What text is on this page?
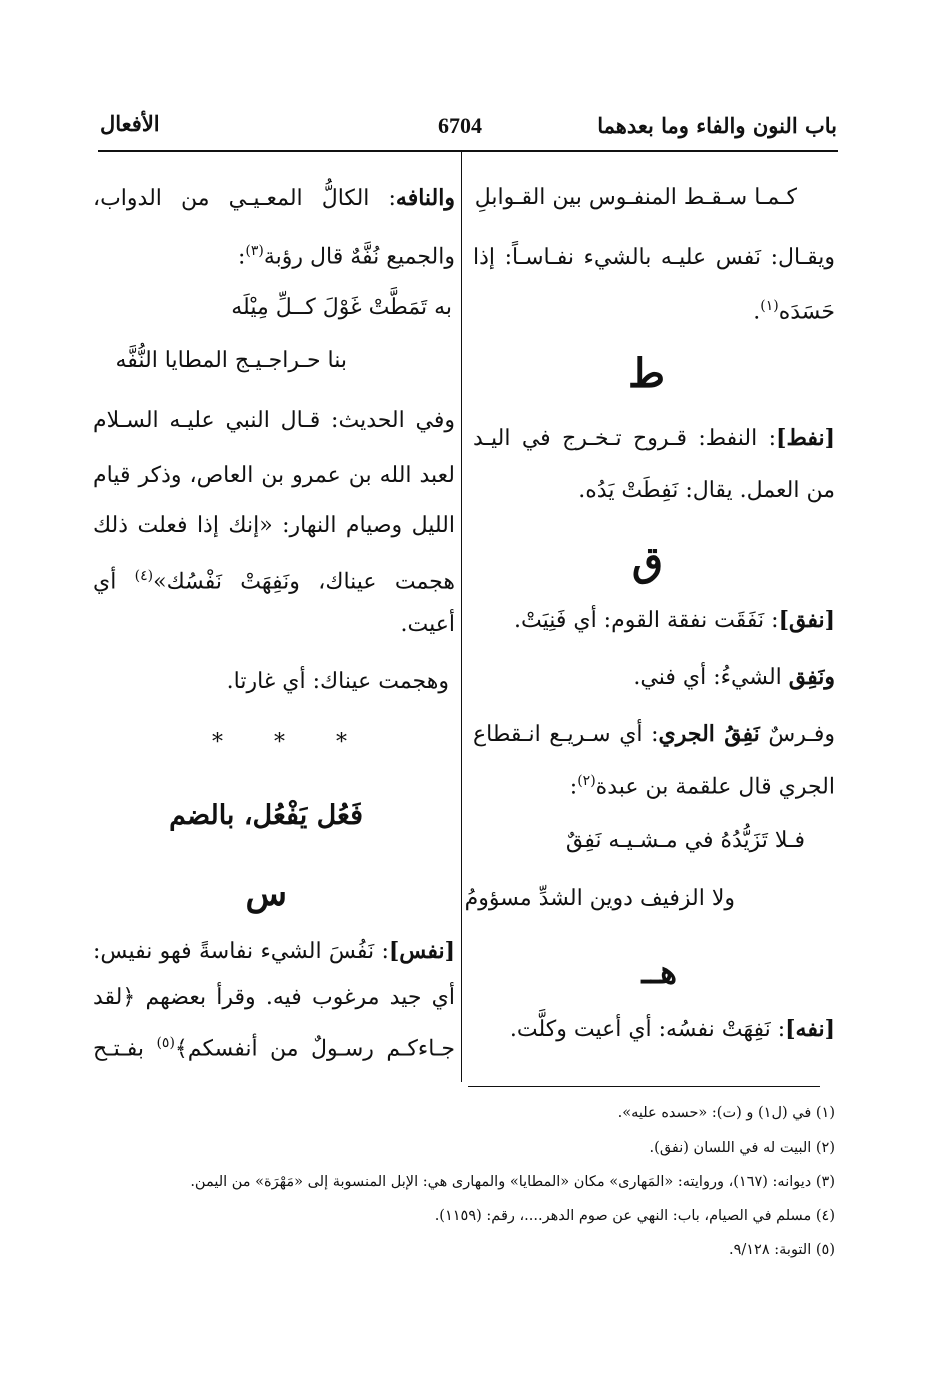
باب النون والفاء وما بعدهما
6704
الأفعال
كـمـا سـقـط المنفـوس بين القـوابلِ
ويقـال: نَفس عليـه بالشيء نفـاسـاً: إذا
حَسَدَه$^{(١)}$.
ط
[نفط]: النفط: قـروح تـخـرج في اليـد
من العمل. يقال: نَفِطَتْ يَدُه.
ق
[نفق]: نَفَقَت نفقة القوم: أي فَنِيَتْ.
ونَفِق الشيءُ: أي فني.
وفـرسٌ نَفِقُ الجري: أي سـريـع انـقطاع
الجري قال علقمة بن عبدة$^{(٢)}$:
فـلا تَزَيُّدُهُ في مـشـيـه نَفِقٌ
ولا الزفيف دوين الشدِّ مسؤومُ
هــ
[نفه]: نَفِهَتْ نفسُه: أي أعيت وكلَّت.
والنافه: الكالُّ المعـيـي من الدواب،
والجميع نُفَّهٌ قال رؤبة$^{(٣)}$:
به تَمَطَّتْ غَوْلَ كــلِّ مِيْلَه
بنا حـراجـيـج المطايا النُّفَّه
وفي الحديث: قـال النبي عليـه السـلام
لعبد الله بن عمرو بن العاص، وذكر قيام
الليل وصيام النهار: «إنك إذا فعلت ذلك
هجمت عيناك، ونَفِهَتْ نَفْسُك»$^{(٤)}$ أي
أعيت.
وهجمت عيناك: أي غارتا.
* * *
فَعُل يَفْعُل، بالضم
س
[نفس]: نَفُسَ الشيء نفاسةً فهو نفيس:
أي جيد مرغوب فيه. وقرأ بعضهم ﴿لقد
جـاءكـم رسـولٌ من أنفسكم﴾$^{(٥)}$ بفـتـح
(١) في (ل١) و (ت): «حسده عليه».
(٢) البيت له في اللسان (نفق).
(٣) ديوانه: (١٦٧)، وروايته: «المَهارى» مكان «المطايا» والمهارى هي: الإبل المنسوبة إلى «مَهْرَة» من اليمن.
(٤) مسلم في الصيام، باب: النهي عن صوم الدهر....، رقم: (١١٥٩).
(٥) التوبة: ٩/١٢٨.
